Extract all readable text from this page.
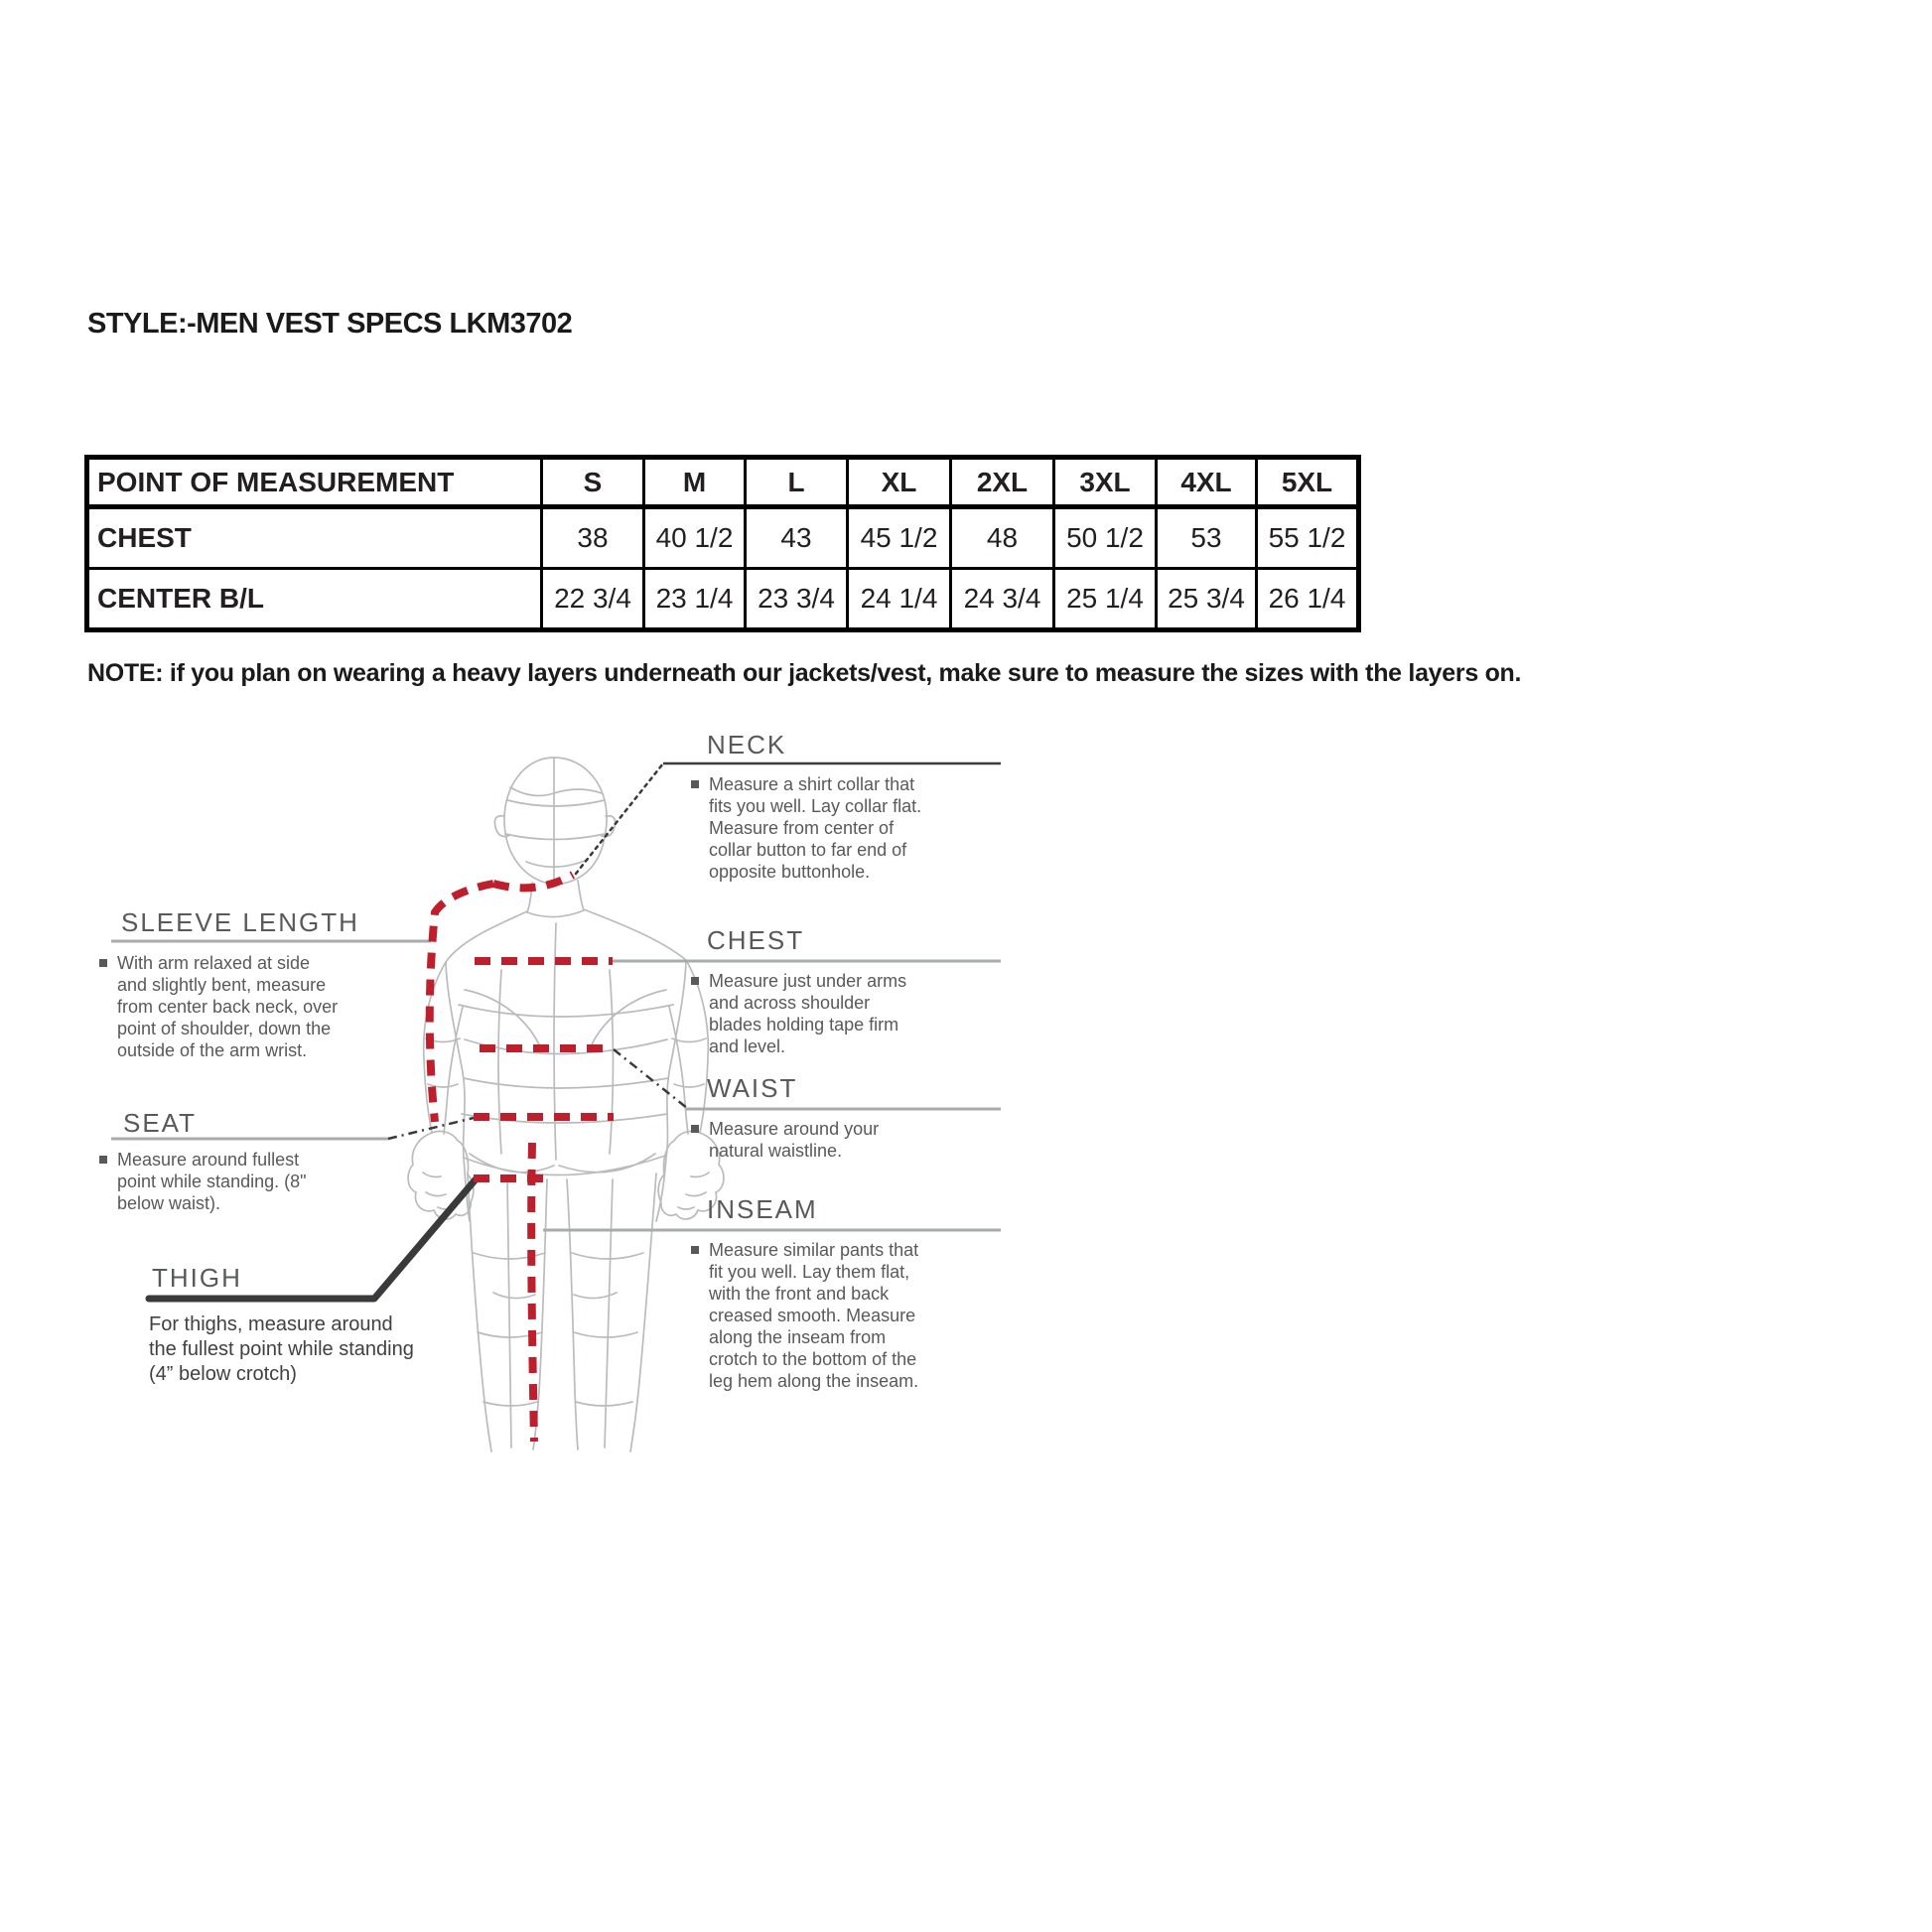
STYLE:-MEN VEST SPECS LKM3702
POINT OF MEASUREMENT	S	M	L	XL	2XL	3XL	4XL	5XL
CHEST	38	40 1/2	43	45 1/2	48	50 1/2	53	55 1/2
CENTER B/L	22 3/4	23 1/4	23 3/4	24 1/4	24 3/4	25 1/4	25 3/4	26 1/4

NOTE: if you plan on wearing a heavy layers underneath our jackets/vest, make sure to measure the sizes with the layers on.

NECK
Measure a shirt collar that fits you well. Lay collar flat. Measure from center of collar button to far end of opposite buttonhole.
CHEST
Measure just under arms and across shoulder blades holding tape firm and level.
WAIST
Measure around your natural waistline.
INSEAM
Measure similar pants that fit you well. Lay them flat, with the front and back creased smooth. Measure along the inseam from crotch to the bottom of the leg hem along the inseam.
SLEEVE LENGTH
With arm relaxed at side and slightly bent, measure from center back neck, over point of shoulder, down the outside of the arm wrist.
SEAT
Measure around fullest point while standing. (8" below waist).
THIGH
For thighs, measure around the fullest point while standing (4” below crotch)
